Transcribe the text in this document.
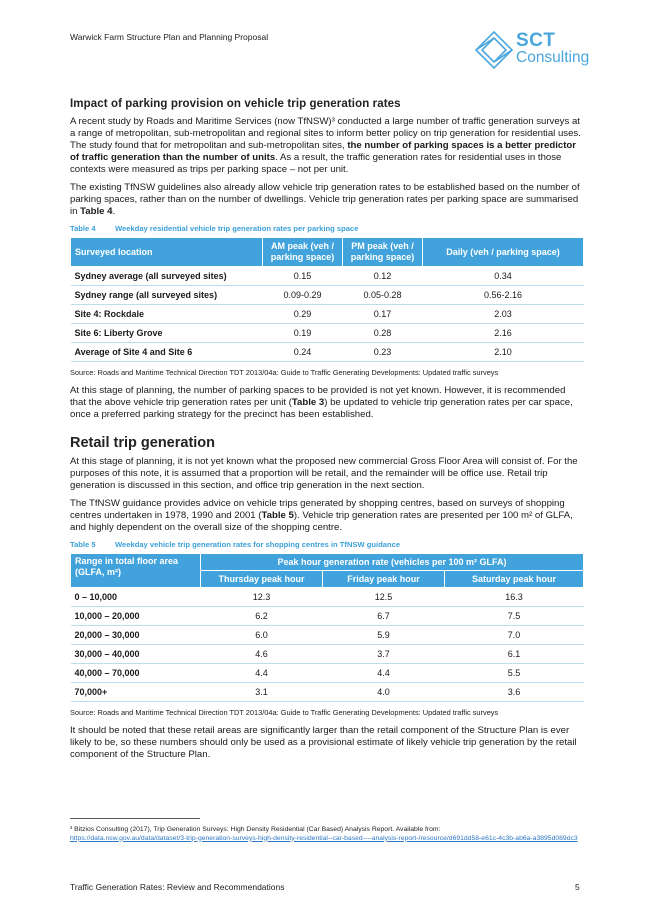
Warwick Farm Structure Plan and Planning Proposal	SCT
Consulting
Impact of parking provision on vehicle trip generation rates

A recent study by Roads and Maritime Services (now TfNSW)³ conducted a large number of traffic generation surveys at a range of metropolitan, sub-metropolitan and regional sites to inform better policy on trip generation for residential uses. The study found that for metropolitan and sub-metropolitan sites, the number of parking spaces is a better predictor of traffic generation than the number of units. As a result, the traffic generation rates for residential uses in those contexts were measured as trips per parking space – not per unit.

The existing TfNSW guidelines also already allow vehicle trip generation rates to be established based on the number of parking spaces, rather than on the number of dwellings. Vehicle trip generation rates per parking space are summarised in Table 4.

Table 4	Weekday residential vehicle trip generation rates per parking space
Surveyed location	AM peak (veh / parking space)	PM peak (veh / parking space)	Daily (veh / parking space)
Sydney average (all surveyed sites)	0.15	0.12	0.34
Sydney range (all surveyed sites)	0.09-0.29	0.05-0.28	0.56-2.16
Site 4: Rockdale	0.29	0.17	2.03
Site 6: Liberty Grove	0.19	0.28	2.16
Average of Site 4 and Site 6	0.24	0.23	2.10
Source: Roads and Maritime Technical Direction TDT 2013/04a: Guide to Traffic Generating Developments: Updated traffic surveys

At this stage of planning, the number of parking spaces to be provided is not yet known. However, it is recommended that the above vehicle trip generation rates per unit (Table 3) be updated to vehicle trip generation rates per car space, once a preferred parking strategy for the precinct has been established.

Retail trip generation

At this stage of planning, it is not yet known what the proposed new commercial Gross Floor Area will consist of. For the purposes of this note, it is assumed that a proportion will be retail, and the remainder will be office use. Retail trip generation is discussed in this section, and office trip generation in the next section.

The TfNSW guidance provides advice on vehicle trips generated by shopping centres, based on surveys of shopping centres undertaken in 1978, 1990 and 2001 (Table 5). Vehicle trip generation rates are presented per 100 m² of GLFA, and highly dependent on the overall size of the shopping centre.

Table 5	Weekday vehicle trip generation rates for shopping centres in TfNSW guidance
Range in total floor area (GLFA, m²)	Peak hour generation rate (vehicles per 100 m² GLFA)		
	Thursday peak hour	Friday peak hour	Saturday peak hour
0 – 10,000	12.3	12.5	16.3
10,000 – 20,000	6.2	6.7	7.5
20,000 – 30,000	6.0	5.9	7.0
30,000 – 40,000	4.6	3.7	6.1
40,000 – 70,000	4.4	4.4	5.5
70,000+	3.1	4.0	3.6
Source: Roads and Maritime Technical Direction TDT 2013/04a: Guide to Traffic Generating Developments: Updated traffic surveys

It should be noted that these retail areas are significantly larger than the retail component of the Structure Plan is ever likely to be, so these numbers should only be used as a provisional estimate of likely vehicle trip generation by the retail component of the Structure Plan.

³ Bitzios Consulting (2017), Trip Generation Surveys: High Density Residential (Car Based) Analysis Report. Available from:
https://data.nsw.gov.au/data/dataset/3-trip-generation-surveys-high-density-residential--car-based----analysis-report-/resource/d691dd58-e61c-4c3b-ab6a-a3895d089dc3
Traffic Generation Rates: Review and Recommendations	5
